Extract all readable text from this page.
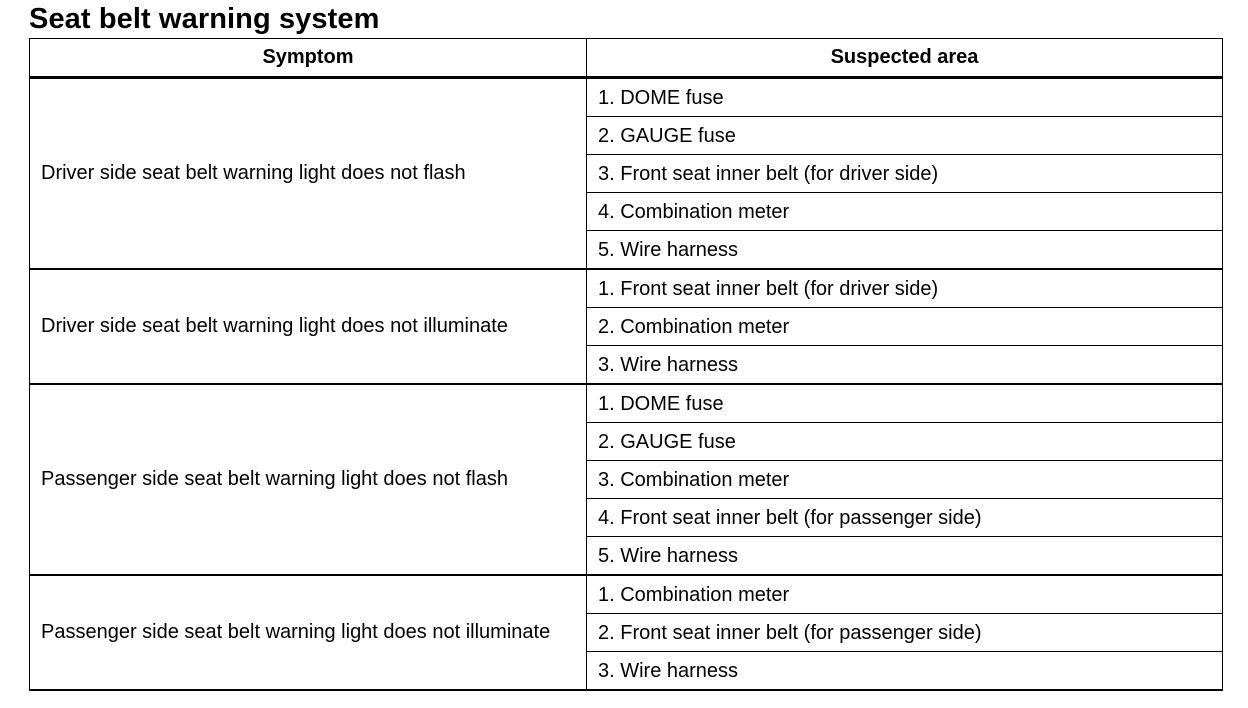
Seat belt warning system
Symptom	Suspected area
Driver side seat belt warning light does not flash	1. DOME fuse
	2. GAUGE fuse
	3. Front seat inner belt (for driver side)
	4. Combination meter
	5. Wire harness
Driver side seat belt warning light does not illuminate	1. Front seat inner belt (for driver side)
	2. Combination meter
	3. Wire harness
Passenger side seat belt warning light does not flash	1. DOME fuse
	2. GAUGE fuse
	3. Combination meter
	4. Front seat inner belt (for passenger side)
	5. Wire harness
Passenger side seat belt warning light does not illuminate	1. Combination meter
	2. Front seat inner belt (for passenger side)
	3. Wire harness
